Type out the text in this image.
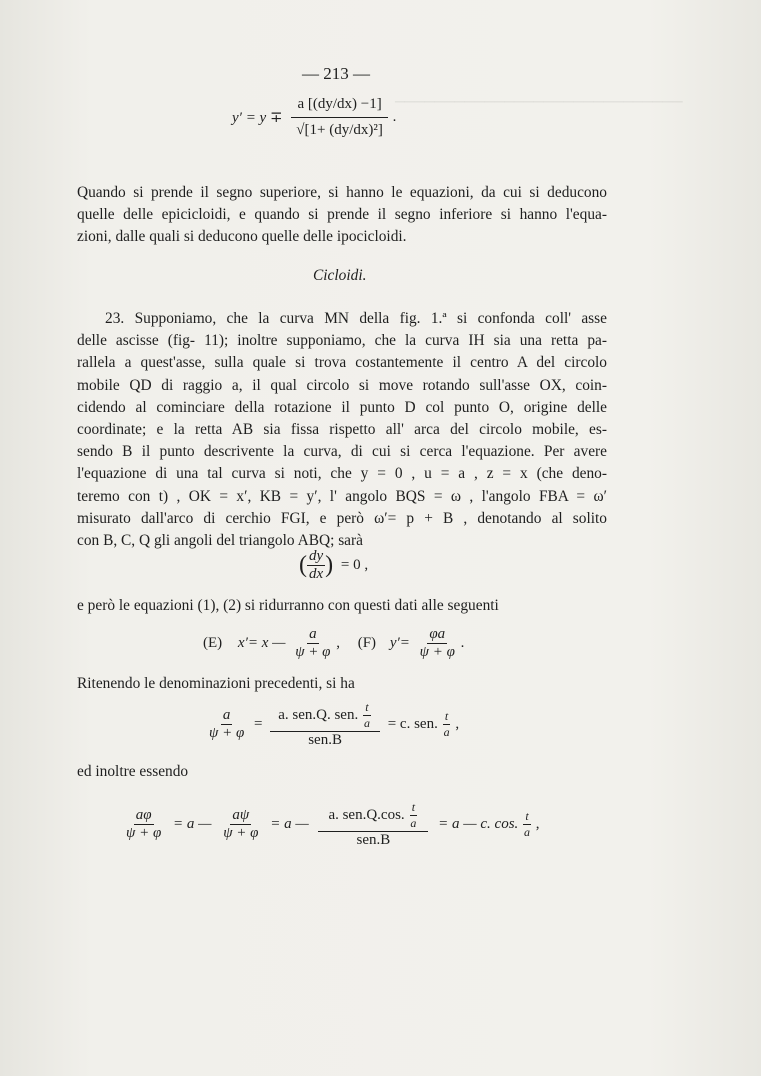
─────────────────────────────
— 213 —
$y' = y \mp \frac{a [(dy/dx) -1]}{\text{√[1+ (dy/dx)²]}}$ .
Quando si prende il segno superiore, si hanno le equazioni, da cui si deducono
quelle delle epicicloidi, e quando si prende il segno inferiore si hanno l'equa-
zioni, dalle quali si deducono quelle delle ipocicloidi.
Cicloidi.
23. Supponiamo, che la curva MN della fig. 1.ª si confonda coll' asse
delle ascisse (fig- 11); inoltre supponiamo, che la curva IH sia una retta pa-
rallela a quest'asse, sulla quale si trova costantemente il centro A del circolo
mobile QD di raggio a, il qual circolo si move rotando sull'asse OX, coin-
cidendo al cominciare della rotazione il punto D col punto O, origine delle
coordinate; e la retta AB sia fissa rispetto all' arca del circolo mobile, es-
sendo B il punto descrivente la curva, di cui si cerca l'equazione. Per avere
l'equazione di una tal curva si noti, che y = 0 , u = a , z = x (che deno-
teremo con t) , OK = x′, KB = y′, l' angolo BQS = ω , l'angolo FBA = ω′
misurato dall'arco di cerchio FGI, e però ω′= p + B , denotando al solito
con B, C, Q gli angoli del triangolo ABQ; sarà
( $\frac{dy}{dx}$ ) = 0 ,
e però le equazioni (1), (2) si ridurranno con questi dati alle seguenti
(E) x′= x — $\frac{a}{\psi + \varphi}$ , (F) $y'= \frac{\varphi a}{\psi + \varphi}$ .
Ritenendo le denominazioni precedenti, si ha
$\frac{a}{\psi + \varphi} = \frac{a. sen.Q. sen. \frac{t}{a}}{\text{sen.B}} = c$. sen. $\frac{t}{a}$ ,
ed inoltre essendo
$\frac{a\varphi}{\psi + \varphi} = a$ — $\frac{a\psi}{\psi + \varphi} = a$ — $\frac{a. sen.Q.\cos. \frac{t}{a}}{\text{sen.B}} = a$ — c. cos. $\frac{t}{a}$ ,
